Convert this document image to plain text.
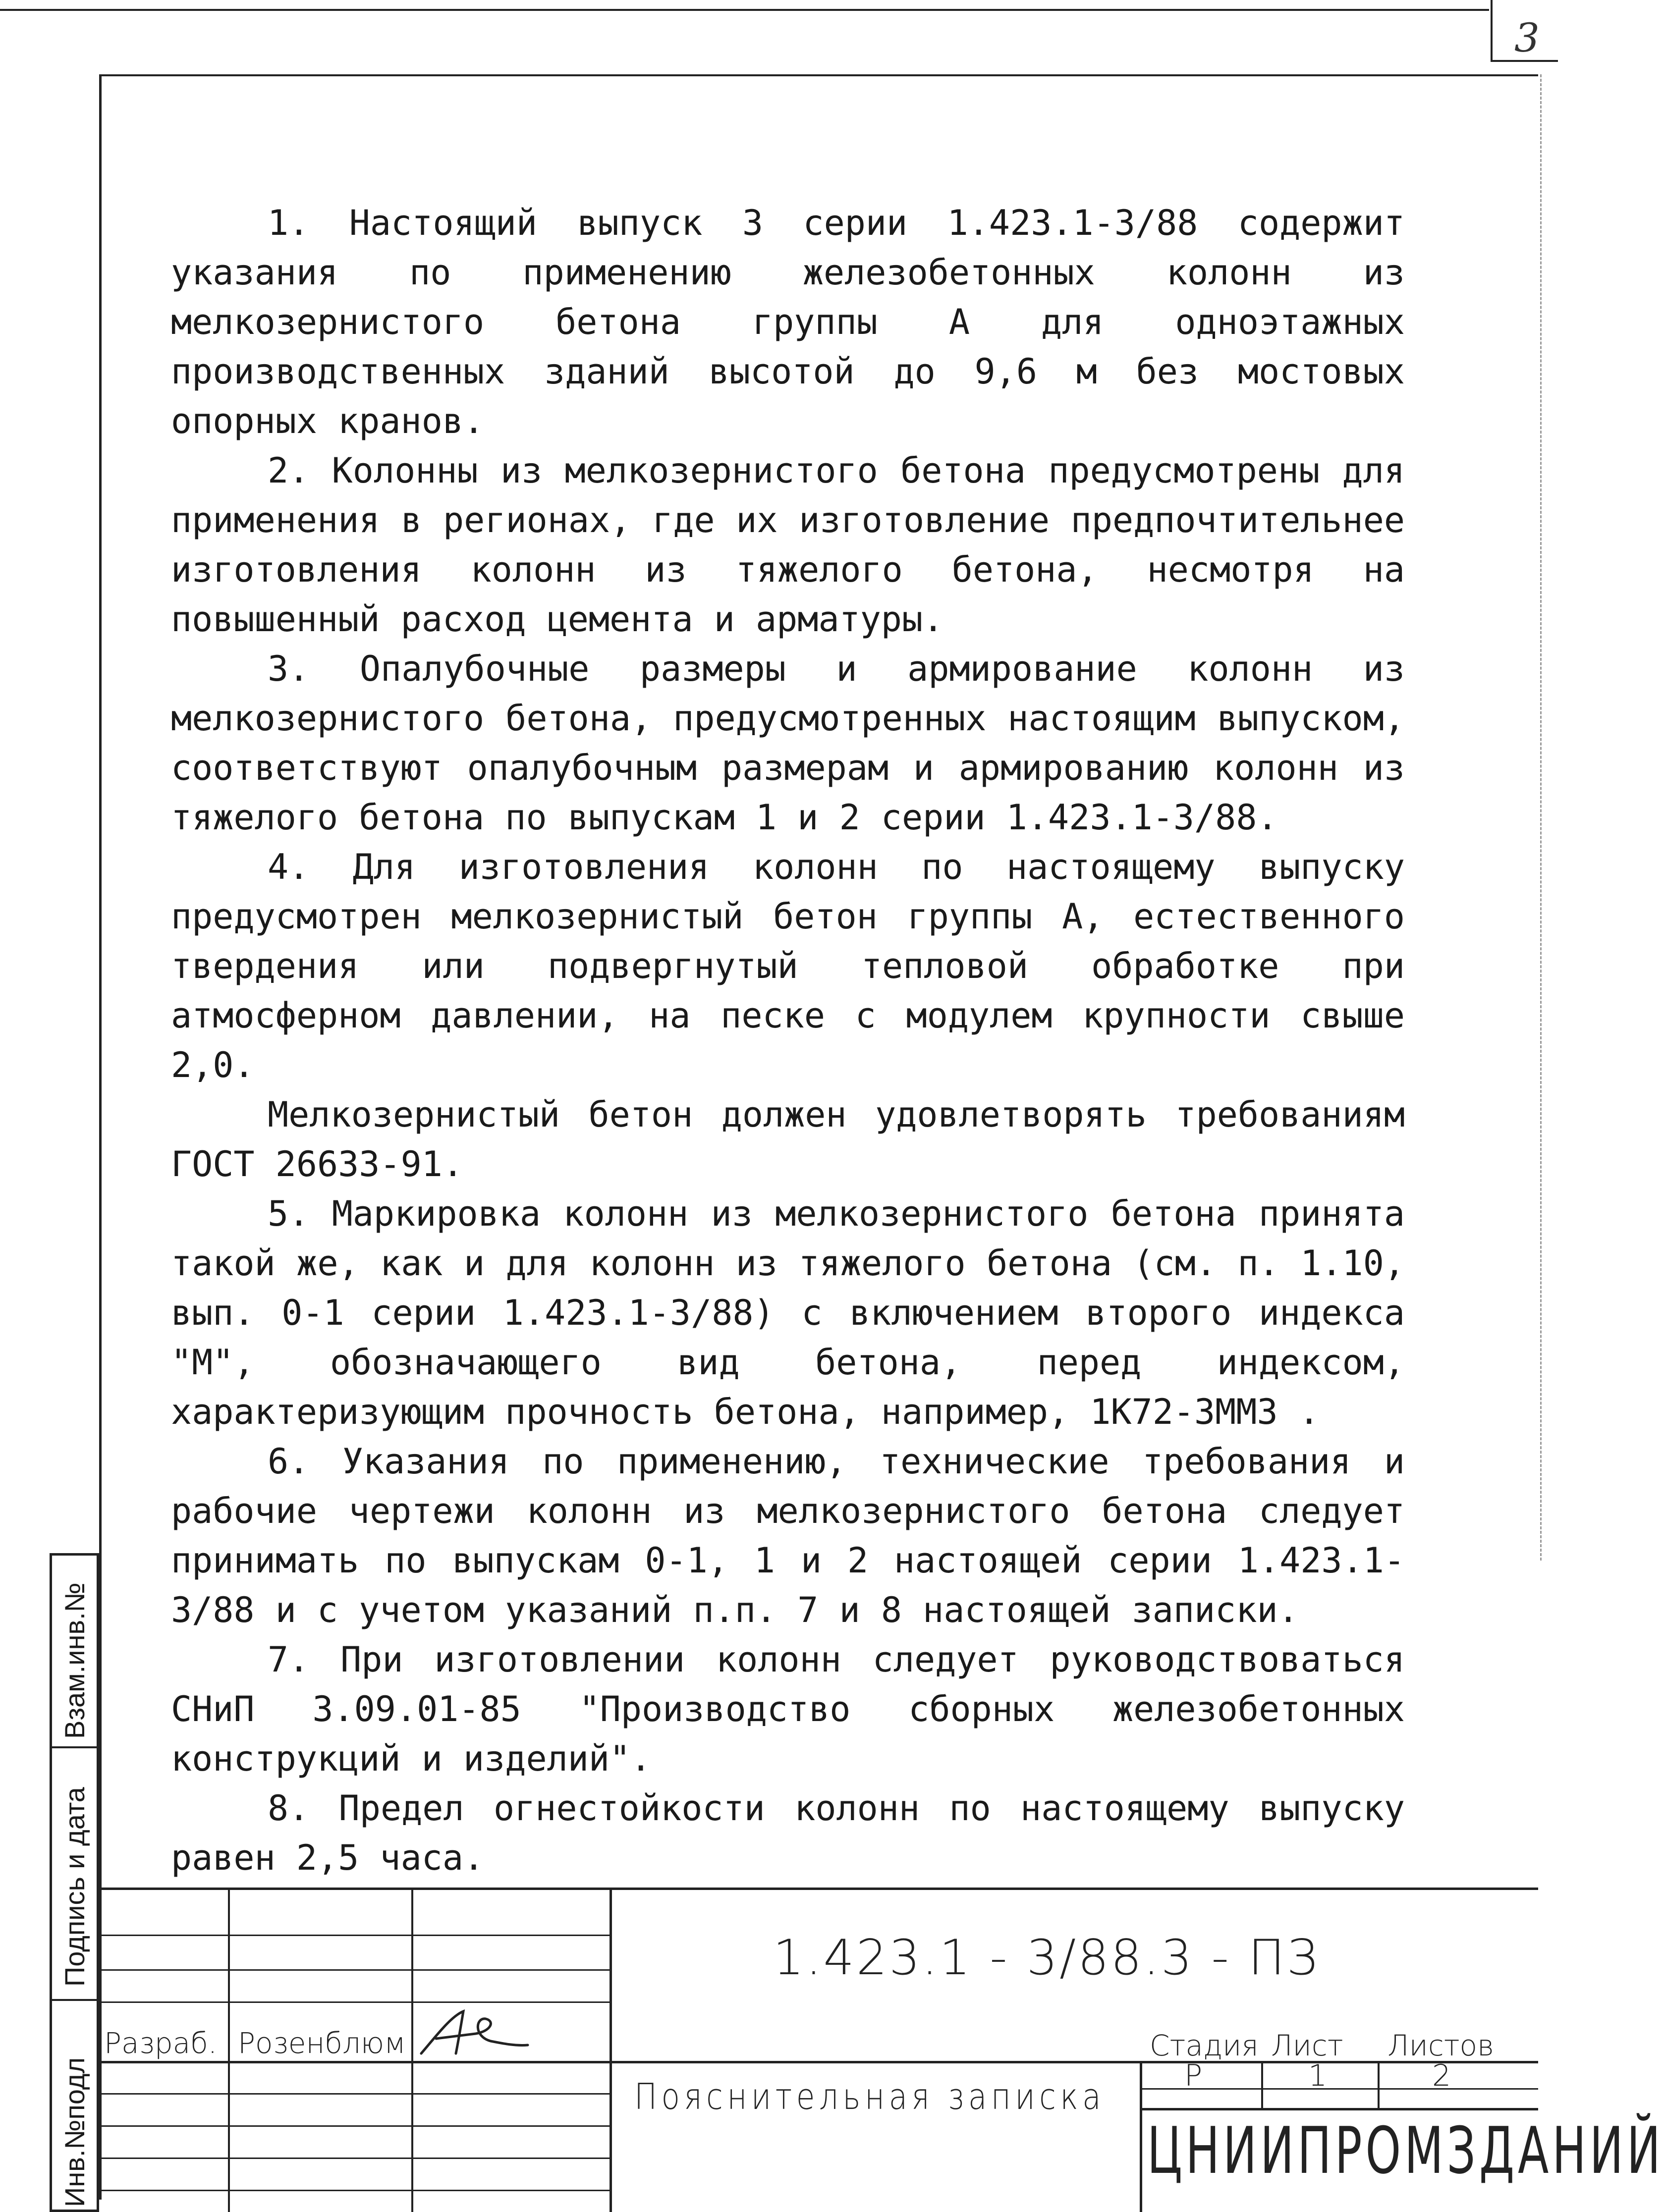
3

1. Настоящий выпуск 3 серии 1.423.1-3/88 содержит указания по применению железобетонных колонн из мелкозернистого бетона группы А для одноэтажных производственных зданий высотой до 9,6 м без мостовых опорных кранов.

2. Колонны из мелкозернистого бетона предусмотрены для применения в регионах, где их изготовление предпочтительнее изготовления колонн из тяжелого бетона, несмотря на повышенный расход цемента и арматуры.

3. Опалубочные размеры и армирование колонн из мелкозернистого бетона, предусмотренных настоящим выпуском, соответствуют опалубочным размерам и армированию колонн из тяжелого бетона по выпускам 1 и 2 серии 1.423.1-3/88.

4. Для изготовления колонн по настоящему выпуску предусмотрен мелкозернистый бетон группы А, естественного твердения или подвергнутый тепловой обработке при атмосферном давлении, на песке с модулем крупности свыше 2,0.

Мелкозернистый бетон должен удовлетворять требованиям ГОСТ 26633-91.

5. Маркировка колонн из мелкозернистого бетона принята такой же, как и для колонн из тяжелого бетона (см. п. 1.10, вып. 0-1 серии 1.423.1-3/88) с включением второго индекса "М", обозначающего вид бетона, перед индексом, характеризующим прочность бетона, например, 1К72-3ММ3 .

6. Указания по применению, технические требования и рабочие чертежи колонн из мелкозернистого бетона следует принимать по выпускам 0-1, 1 и 2 настоящей серии 1.423.1-3/88 и с учетом указаний п.п. 7 и 8 настоящей записки.

7. При изготовлении колонн следует руководствоваться СНиП 3.09.01-85 "Производство сборных железобетонных конструкций и изделий".

8. Предел огнестойкости колонн по настоящему выпуску равен 2,5 часа.

Взам.инв.№
Подпись и дата
Инв.№подл
1.423.1 - 3/88.3 - ПЗ
Разраб. Розенблюм
Пояснительная записка
Стадия Лист Листов
Р	1	2
ЦНИИПРОМЗДАНИЙ
